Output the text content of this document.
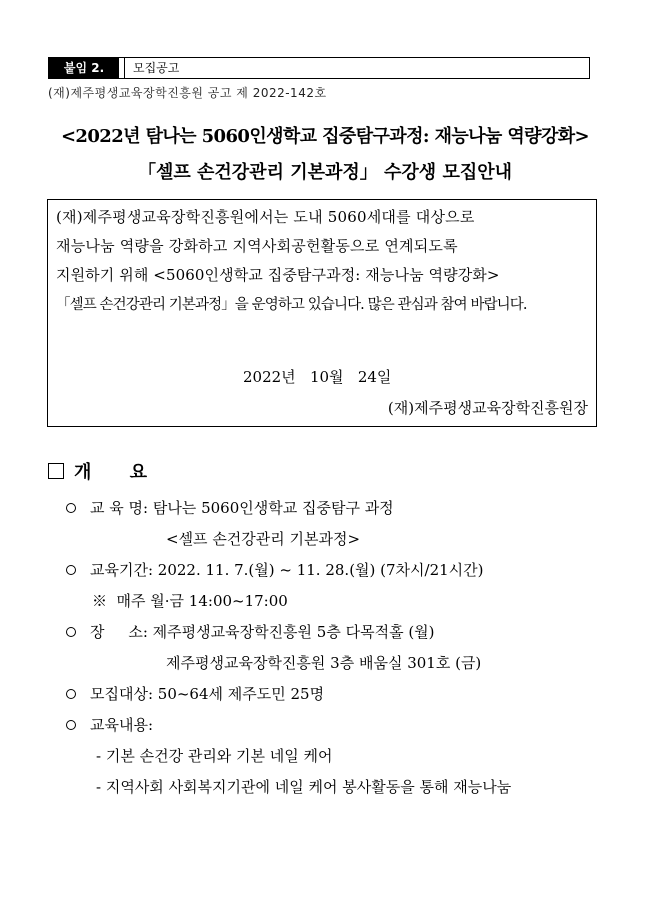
붙임 2.	모집공고
(재)제주평생교육장학진흥원 공고 제 2022-142호
<2022년 탐나는 5060인생학교 집중탐구과정: 재능나눔 역량강화>
「셀프 손건강관리 기본과정」 수강생 모집안내
(재)제주평생교육장학진흥원에서는 도내 5060세대를 대상으로
재능나눔 역량을 강화하고 지역사회공헌활동으로 연계되도록
지원하기 위해 <5060인생학교 집중탐구과정: 재능나눔 역량강화>
「셀프 손건강관리 기본과정」을 운영하고 있습니다. 많은 관심과 참여 바랍니다.
2022년   10월   24일
(재)제주평생교육장학진흥원장
개 요
교 육 명: 탐나는 5060인생학교 집중탐구 과정
<셀프 손건강관리 기본과정>
교육기간: 2022. 11. 7.(월) ~ 11. 28.(월) (7차시/21시간)
※  매주 월·금 14:00~17:00
장     소: 제주평생교육장학진흥원 5층 다목적홀 (월)
제주평생교육장학진흥원 3층 배움실 301호 (금)
모집대상: 50~64세 제주도민 25명
교육내용:
- 기본 손건강 관리와 기본 네일 케어
- 지역사회 사회복지기관에 네일 케어 봉사활동을 통해 재능나눔
